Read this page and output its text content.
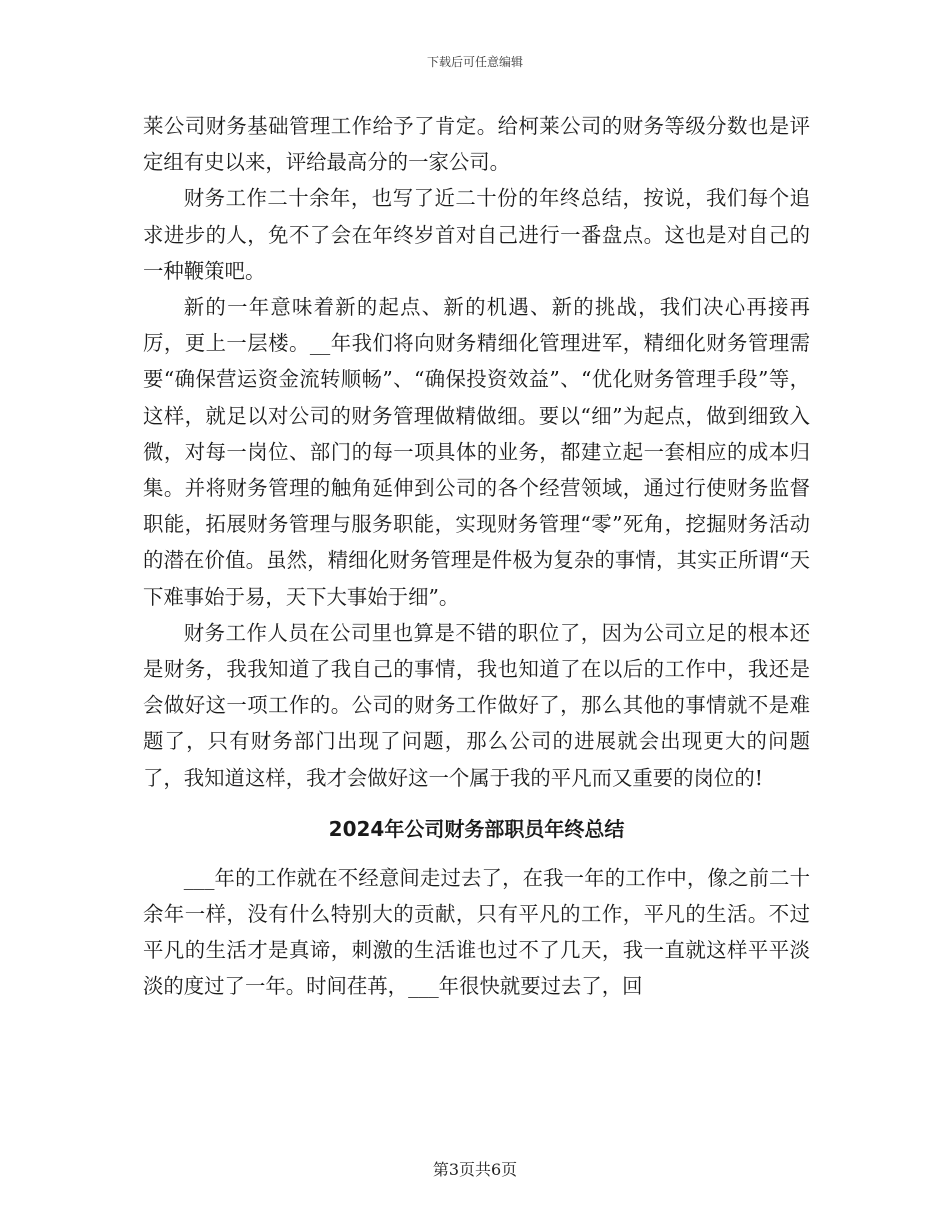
下载后可任意编辑

莱公司财务基础管理工作给予了肯定。给柯莱公司的财务等级分数也是评定组有史以来，评给最高分的一家公司。

财务工作二十余年，也写了近二十份的年终总结，按说，我们每个追求进步的人，免不了会在年终岁首对自己进行一番盘点。这也是对自己的一种鞭策吧。

新的一年意味着新的起点、新的机遇、新的挑战，我们决心再接再厉，更上一层楼。__年我们将向财务精细化管理进军，精细化财务管理需要“确保营运资金流转顺畅”、“确保投资效益”、“优化财务管理手段”等，这样，就足以对公司的财务管理做精做细。要以“细”为起点，做到细致入微，对每一岗位、部门的每一项具体的业务，都建立起一套相应的成本归集。并将财务管理的触角延伸到公司的各个经营领域，通过行使财务监督职能，拓展财务管理与服务职能，实现财务管理“零”死角，挖掘财务活动的潜在价值。虽然，精细化财务管理是件极为复杂的事情，其实正所谓“天下难事始于易，天下大事始于细”。

财务工作人员在公司里也算是不错的职位了，因为公司立足的根本还是财务，我我知道了我自己的事情，我也知道了在以后的工作中，我还是会做好这一项工作的。公司的财务工作做好了，那么其他的事情就不是难题了，只有财务部门出现了问题，那么公司的进展就会出现更大的问题了，我知道这样，我才会做好这一个属于我的平凡而又重要的岗位的!

2024年公司财务部职员年终总结

___年的工作就在不经意间走过去了，在我一年的工作中，像之前二十余年一样，没有什么特别大的贡献，只有平凡的工作，平凡的生活。不过平凡的生活才是真谛，刺激的生活谁也过不了几天，我一直就这样平平淡淡的度过了一年。时间荏苒，___年很快就要过去了，回

第3页共6页
